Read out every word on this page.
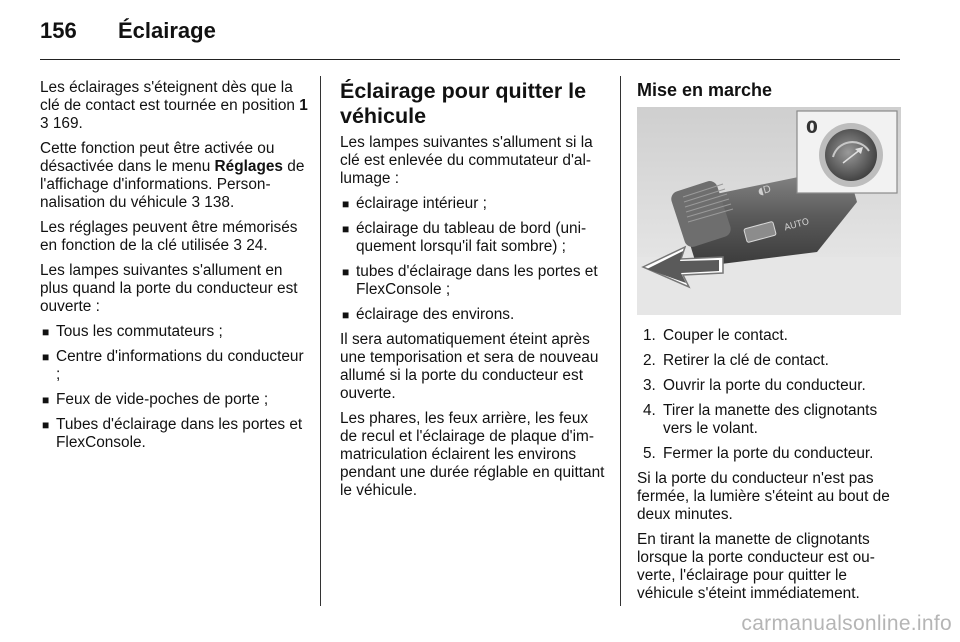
156 Éclairage

Les éclairages s'éteignent dès que la clé de contact est tournée en position 1 3 169.

Cette fonction peut être activée ou désactivée dans le menu Réglages de l'affichage d'informations. Personnalisation du véhicule 3 138.

Les réglages peuvent être mémorisés en fonction de la clé utilisée 3 24.

Les lampes suivantes s'allument en plus quand la porte du conducteur est ouverte :

■ Tous les commutateurs ;
■ Centre d'informations du conducteur ;
■ Feux de vide-poches de porte ;
■ Tubes d'éclairage dans les portes et FlexConsole.
Éclairage pour quitter le véhicule

Les lampes suivantes s'allument si la clé est enlevée du commutateur d'allumage :

■ éclairage intérieur ;
■ éclairage du tableau de bord (uniquement lorsqu'il fait sombre) ;
■ tubes d'éclairage dans les portes et FlexConsole ;
■ éclairage des environs.

Il sera automatiquement éteint après une temporisation et sera de nouveau allumé si la porte du conducteur est ouverte.

Les phares, les feux arrière, les feux de recul et l'éclairage de plaque d'immatriculation éclairent les environs pendant une durée réglable en quittant le véhicule.

Mise en marche
AUTO
◖D
0
1. Couper le contact.
2. Retirer la clé de contact.
3. Ouvrir la porte du conducteur.
4. Tirer la manette des clignotants vers le volant.
5. Fermer la porte du conducteur.

Si la porte du conducteur n'est pas fermée, la lumière s'éteint au bout de deux minutes.

En tirant la manette de clignotants lorsque la porte conducteur est ouverte, l'éclairage pour quitter le véhicule s'éteint immédiatement.

carmanualsonline.info
